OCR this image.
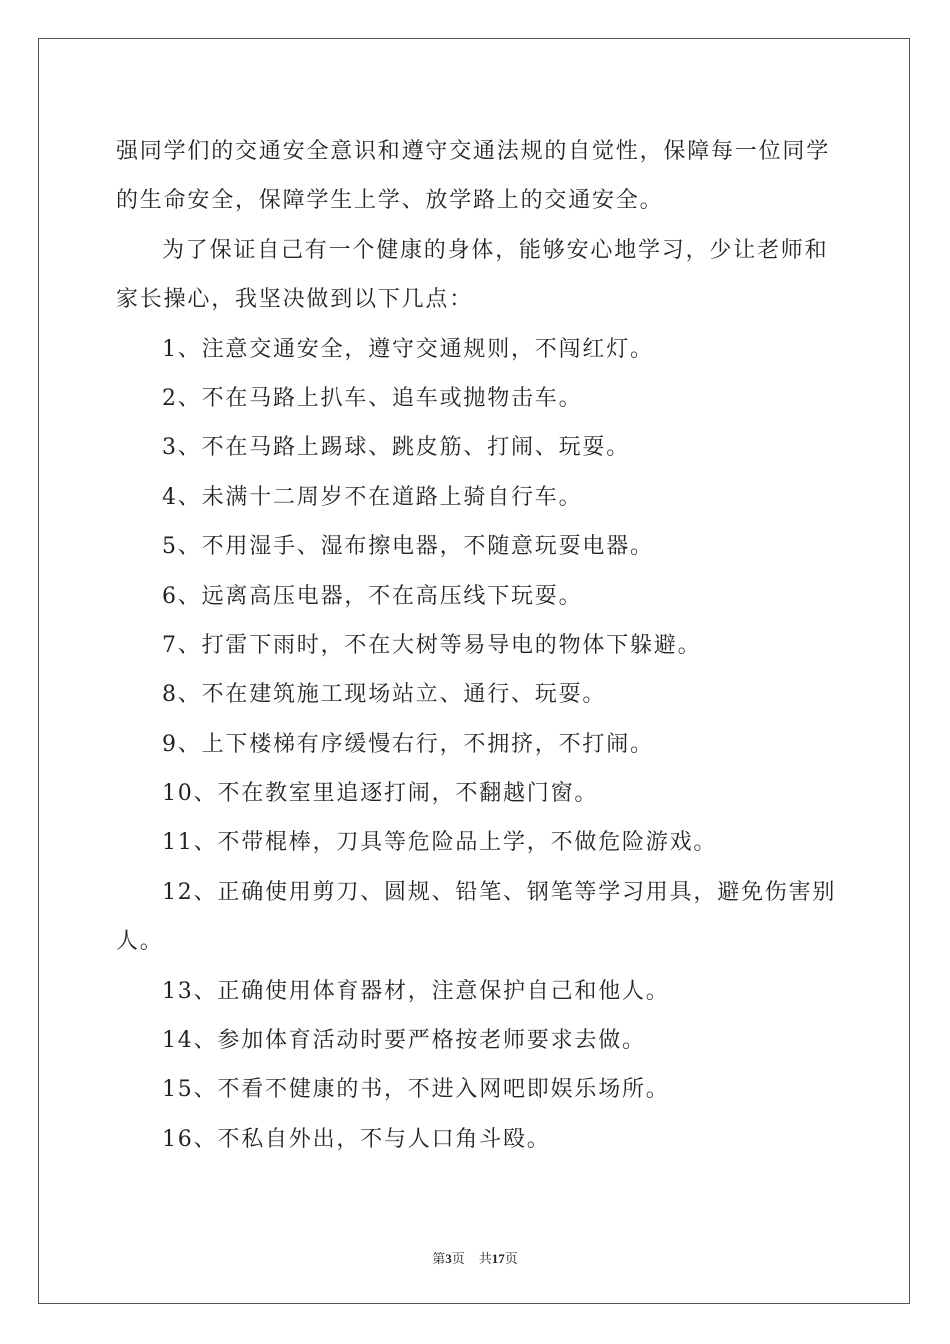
强同学们的交通安全意识和遵守交通法规的自觉性，保障每一位同学
的生命安全，保障学生上学、放学路上的交通安全。
为了保证自己有一个健康的身体，能够安心地学习，少让老师和
家长操心，我坚决做到以下几点：
1、注意交通安全，遵守交通规则，不闯红灯。
2、不在马路上扒车、追车或抛物击车。
3、不在马路上踢球、跳皮筋、打闹、玩耍。
4、未满十二周岁不在道路上骑自行车。
5、不用湿手、湿布擦电器，不随意玩耍电器。
6、远离高压电器，不在高压线下玩耍。
7、打雷下雨时，不在大树等易导电的物体下躲避。
8、不在建筑施工现场站立、通行、玩耍。
9、上下楼梯有序缓慢右行，不拥挤，不打闹。
10、不在教室里追逐打闹，不翻越门窗。
11、不带棍棒，刀具等危险品上学，不做危险游戏。
12、正确使用剪刀、圆规、铅笔、钢笔等学习用具，避免伤害别
人。
13、正确使用体育器材，注意保护自己和他人。
14、参加体育活动时要严格按老师要求去做。
15、不看不健康的书，不进入网吧即娱乐场所。
16、不私自外出，不与人口角斗殴。
第3页 共17页
